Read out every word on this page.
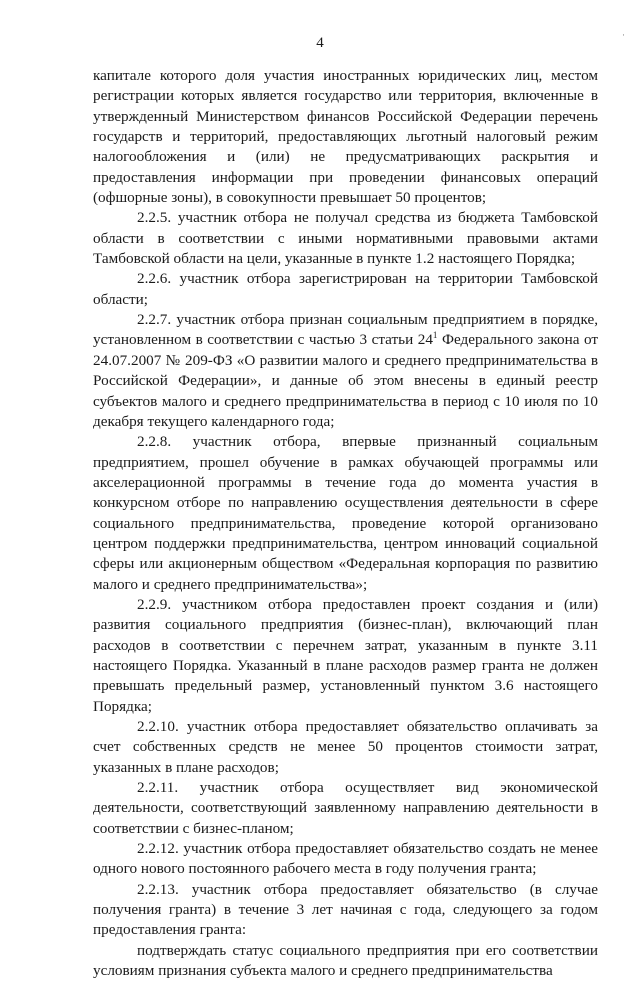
4	·

капитале которого доля участия иностранных юридических лиц, местом регистрации которых является государство или территория, включенные в утвержденный Министерством финансов Российской Федерации перечень государств и территорий, предоставляющих льготный налоговый режим налогообложения и (или) не предусматривающих раскрытия и предоставления информации при проведении финансовых операций (офшорные зоны), в совокупности превышает 50 процентов;

2.2.5. участник отбора не получал средства из бюджета Тамбовской области в соответствии с иными нормативными правовыми актами Тамбовской области на цели, указанные в пункте 1.2 настоящего Порядка;

2.2.6. участник отбора зарегистрирован на территории Тамбовской области;

2.2.7. участник отбора признан социальным предприятием в порядке, установленном в соответствии с частью 3 статьи $24^1$ Федерального закона от 24.07.2007 № 209-ФЗ «О развитии малого и среднего предпринимательства в Российской Федерации», и данные об этом внесены в единый реестр субъектов малого и среднего предпринимательства в период с 10 июля по 10 декабря текущего календарного года;

2.2.8. участник отбора, впервые признанный социальным предприятием, прошел обучение в рамках обучающей программы или акселерационной программы в течение года до момента участия в конкурсном отборе по направлению осуществления деятельности в сфере социального предпринимательства, проведение которой организовано центром поддержки предпринимательства, центром инноваций социальной сферы или акционерным обществом «Федеральная корпорация по развитию малого и среднего предпринимательства»;

2.2.9. участником отбора предоставлен проект создания и (или) развития социального предприятия (бизнес-план), включающий план расходов в соответствии с перечнем затрат, указанным в пункте 3.11 настоящего Порядка. Указанный в плане расходов размер гранта не должен превышать предельный размер, установленный пунктом 3.6 настоящего Порядка;

2.2.10. участник отбора предоставляет обязательство оплачивать за счет собственных средств не менее 50 процентов стоимости затрат, указанных в плане расходов;

2.2.11. участник отбора осуществляет вид экономической деятельности, соответствующий заявленному направлению деятельности в соответствии с бизнес-планом;

2.2.12. участник отбора предоставляет обязательство создать не менее одного нового постоянного рабочего места в году получения гранта;

2.2.13. участник отбора предоставляет обязательство (в случае получения гранта) в течение 3 лет начиная с года, следующего за годом предоставления гранта:

подтверждать статус социального предприятия при его соответствии условиям признания субъекта малого и среднего предпринимательства
